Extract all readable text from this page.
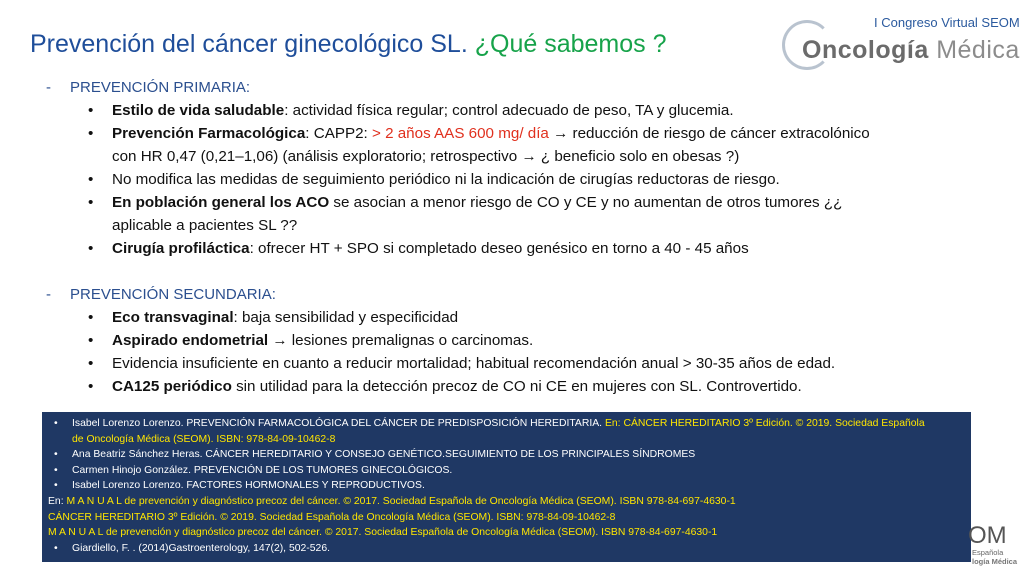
Prevención del cáncer ginecológico SL. ¿Qué sabemos ?
I Congreso Virtual SEOM
Oncología Médica
- PREVENCIÓN PRIMARIA:
• Estilo de vida saludable: actividad física regular; control adecuado de peso, TA y glucemia.
• Prevención Farmacológica: CAPP2: > 2 años AAS 600 mg/ día → reducción de riesgo de cáncer extracolónico
con HR 0,47 (0,21–1,06) (análisis exploratorio; retrospectivo → ¿ beneficio solo en obesas ?)
• No modifica las medidas de seguimiento periódico ni la indicación de cirugías reductoras de riesgo.
• En población general los ACO se asocian a menor riesgo de CO y CE y no aumentan de otros tumores ¿¿
aplicable a pacientes SL ??
• Cirugía profiláctica: ofrecer HT + SPO si completado deseo genésico en torno a 40 - 45 años
- PREVENCIÓN SECUNDARIA:
• Eco transvaginal: baja sensibilidad y especificidad
• Aspirado endometrial → lesiones premalignas o carcinomas.
• Evidencia insuficiente en cuanto a reducir mortalidad; habitual recomendación anual > 30-35 años de edad.
• CA125 periódico sin utilidad para la detección precoz de CO ni CE en mujeres con SL. Controvertido.
• Isabel Lorenzo Lorenzo. PREVENCIÓN FARMACOLÓGICA DEL CÁNCER DE PREDISPOSICIÓN HEREDITARIA. En: CÁNCER HEREDITARIO 3º Edición. © 2019. Sociedad Española
de Oncología Médica (SEOM). ISBN: 978-84-09-10462-8
• Ana Beatriz Sánchez Heras. CÁNCER HEREDITARIO Y CONSEJO GENÉTICO.SEGUIMIENTO DE LOS PRINCIPALES SÍNDROMES
• Carmen Hinojo González. PREVENCIÓN DE LOS TUMORES GINECOLÓGICOS.
• Isabel Lorenzo Lorenzo. FACTORES HORMONALES Y REPRODUCTIVOS.
En: M A N U A L de prevención y diagnóstico precoz del cáncer. © 2017. Sociedad Española de Oncología Médica (SEOM). ISBN 978-84-697-4630-1
CÁNCER HEREDITARIO 3º Edición. © 2019. Sociedad Española de Oncología Médica (SEOM). ISBN: 978-84-09-10462-8
M A N U A L de prevención y diagnóstico precoz del cáncer. © 2017. Sociedad Española de Oncología Médica (SEOM). ISBN 978-84-697-4630-1
• Giardiello, F. . (2014)Gastroenterology, 147(2), 502-526.	OM
Española
logía Médica
